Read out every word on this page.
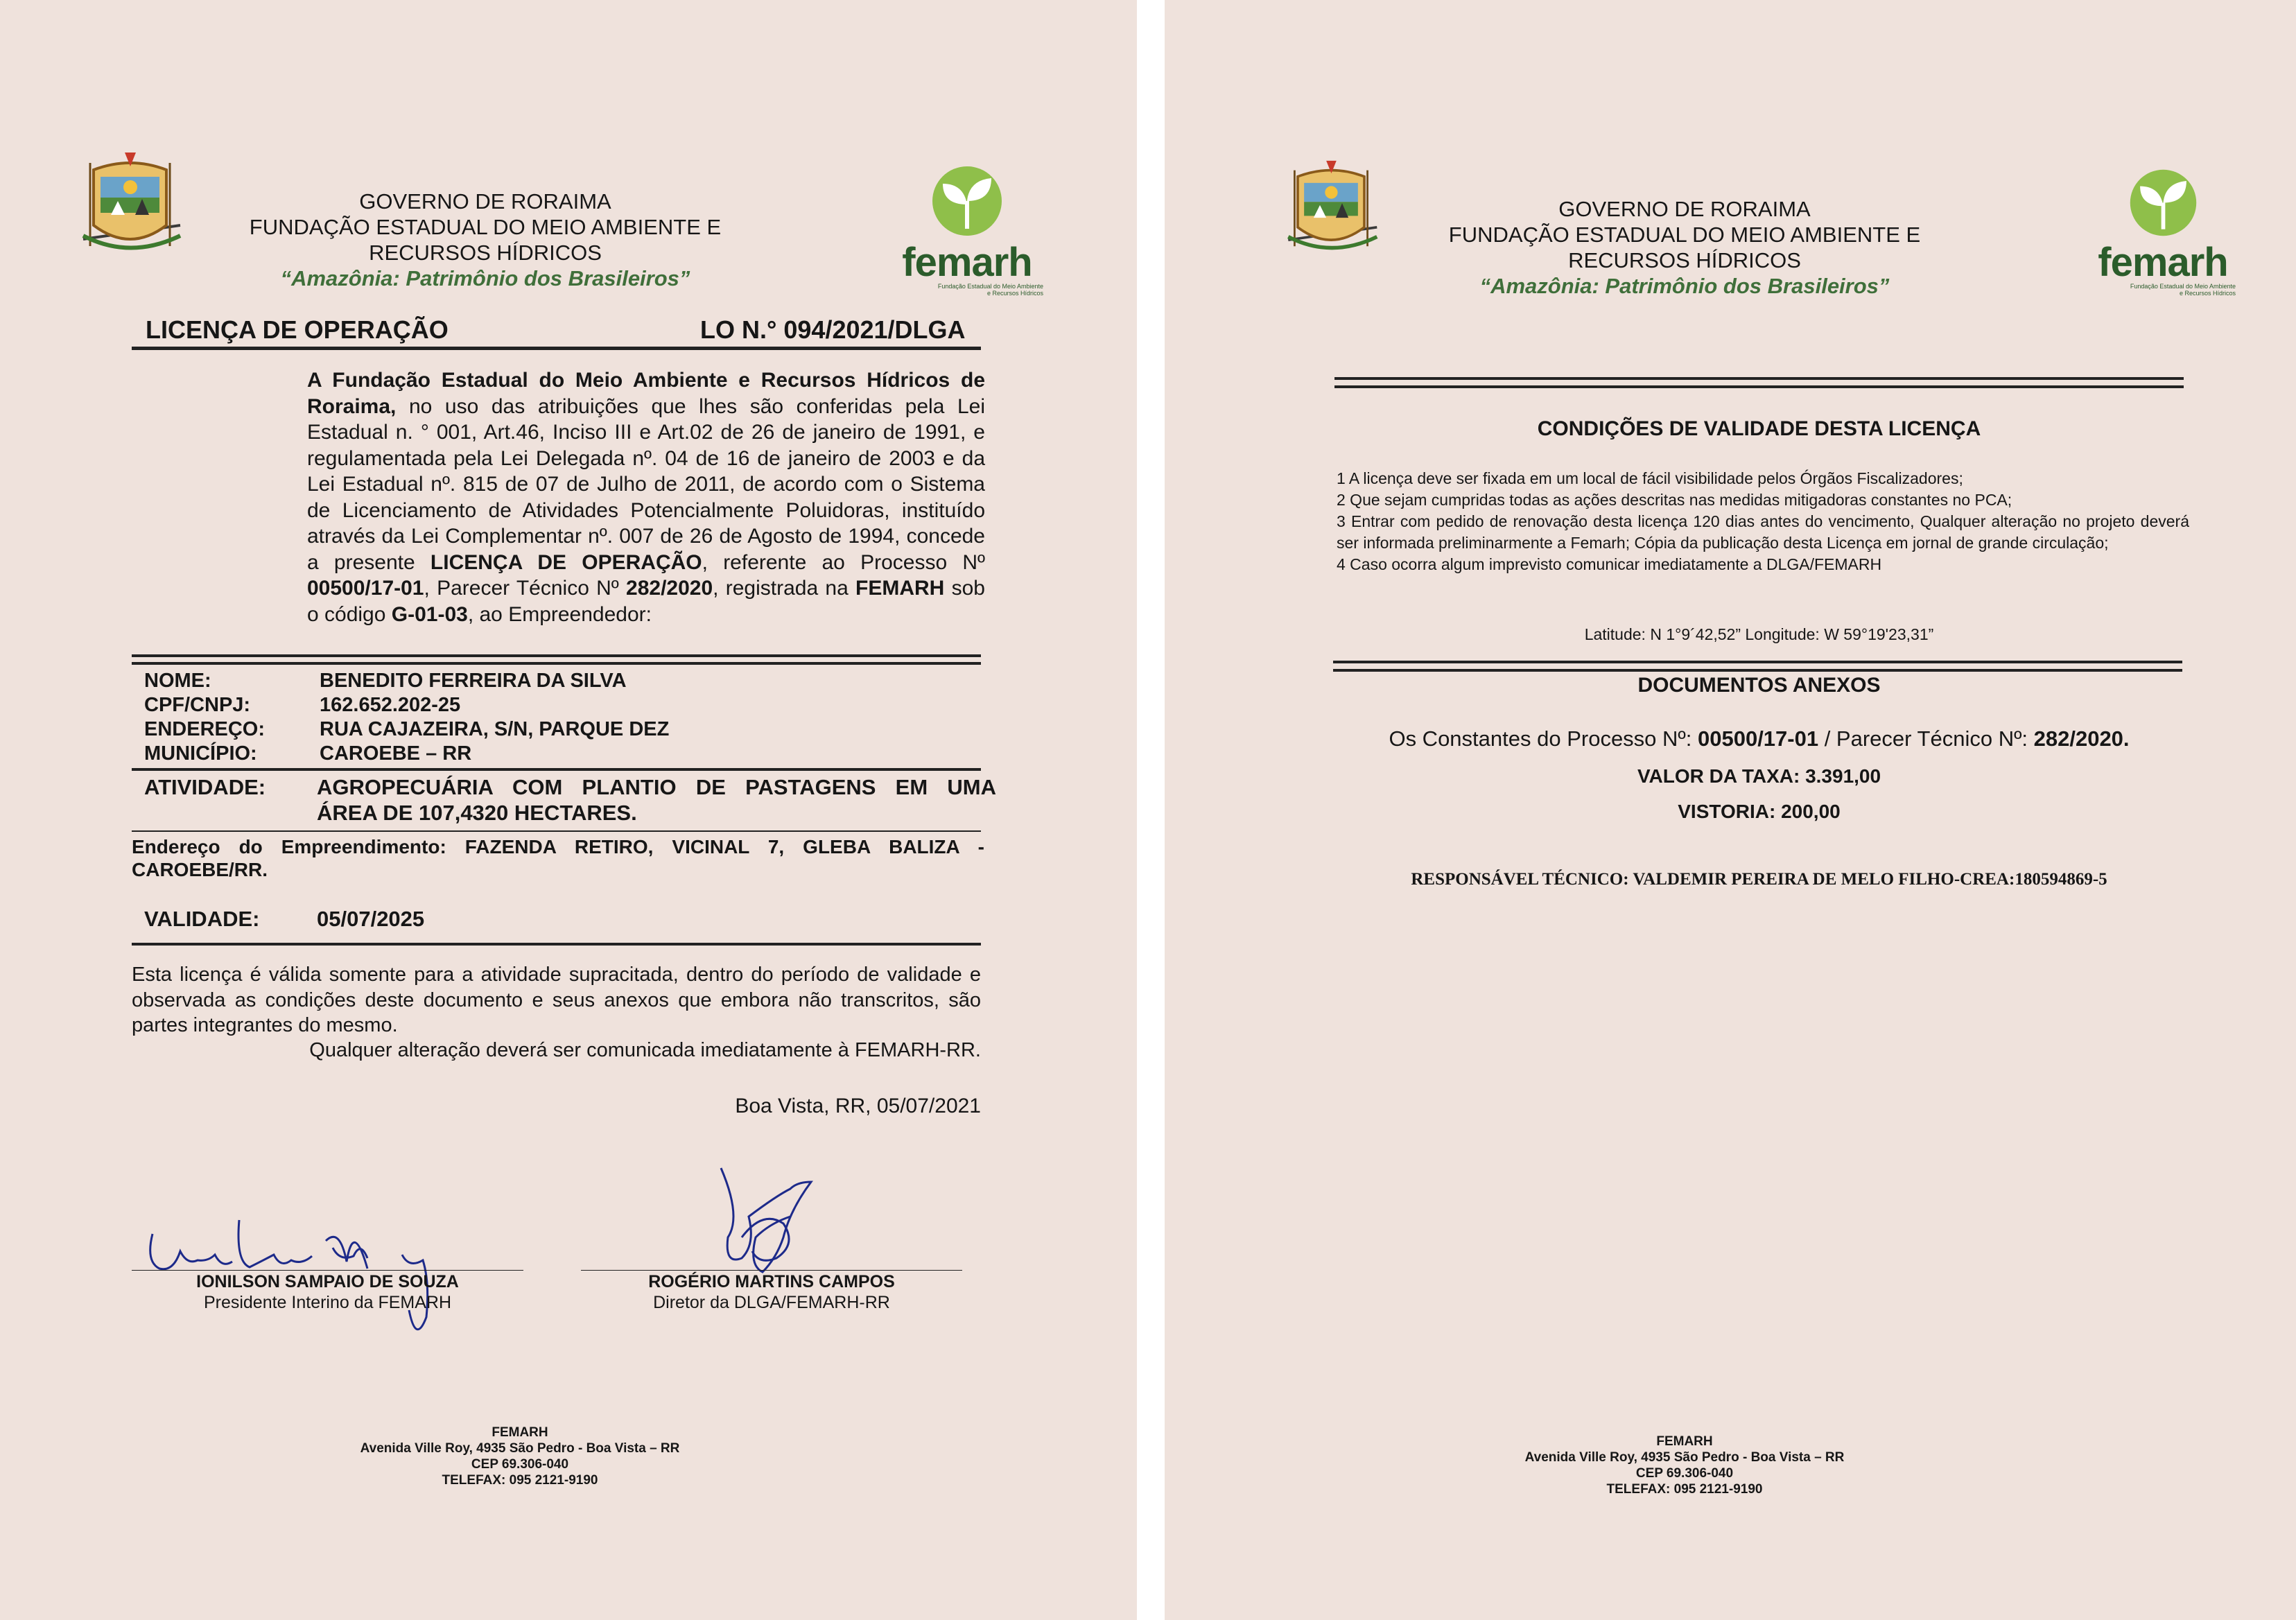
GOVERNO DE RORAIMA
FUNDAÇÃO ESTADUAL DO MEIO AMBIENTE E
RECURSOS HÍDRICOS
“Amazônia: Patrimônio dos Brasileiros”	femarh
Fundação Estadual do Meio Ambiente
e Recursos Hídricos
LICENÇA DE OPERAÇÃO	LO N.° 094/2021/DLGA
A Fundação Estadual do Meio Ambiente e Recursos Hídricos de Roraima, no uso das atribuições que lhes são conferidas pela Lei Estadual n. ° 001, Art.46, Inciso III e Art.02 de 26 de janeiro de 1991, e regulamentada pela Lei Delegada nº. 04 de 16 de janeiro de 2003 e da Lei Estadual nº. 815 de 07 de Julho de 2011, de acordo com o Sistema de Licenciamento de Atividades Potencialmente Poluidoras, instituído através da Lei Complementar nº. 007 de 26 de Agosto de 1994, concede a presente LICENÇA DE OPERAÇÃO, referente ao Processo Nº 00500/17-01, Parecer Técnico Nº 282/2020, registrada na FEMARH sob o código G-01-03, ao Empreendedor:
NOME:	BENEDITO FERREIRA DA SILVA
CPF/CNPJ:	162.652.202-25
ENDEREÇO:	RUA CAJAZEIRA, S/N, PARQUE DEZ
MUNICÍPIO:	CAROEBE – RR
ATIVIDADE: AGROPECUÁRIA COM PLANTIO DE PASTAGENS EM UMA
ÁREA DE 107,4320 HECTARES.
Endereço do Empreendimento: FAZENDA RETIRO, VICINAL 7, GLEBA BALIZA -
CAROEBE/RR.
VALIDADE:	05/07/2025
Esta licença é válida somente para a atividade supracitada, dentro do período de validade e observada as condições deste documento e seus anexos que embora não transcritos, são partes integrantes do mesmo.
Qualquer alteração deverá ser comunicada imediatamente à FEMARH-RR.
Boa Vista, RR, 05/07/2021
IONILSON SAMPAIO DE SOUZA
Presidente Interino da FEMARH
ROGÉRIO MARTINS CAMPOS
Diretor da DLGA/FEMARH-RR
FEMARH
Avenida Ville Roy, 4935 São Pedro - Boa Vista – RR
CEP 69.306-040
TELEFAX: 095 2121-9190
GOVERNO DE RORAIMA
FUNDAÇÃO ESTADUAL DO MEIO AMBIENTE E
RECURSOS HÍDRICOS
“Amazônia: Patrimônio dos Brasileiros”
femarh
Fundação Estadual do Meio Ambiente
e Recursos Hídricos
CONDIÇÕES DE VALIDADE DESTA LICENÇA
1 A licença deve ser fixada em um local de fácil visibilidade pelos Órgãos Fiscalizadores;
2 Que sejam cumpridas todas as ações descritas nas medidas mitigadoras constantes no PCA;
3 Entrar com pedido de renovação desta licença 120 dias antes do vencimento, Qualquer alteração no projeto deverá ser informada preliminarmente a Femarh; Cópia da publicação desta Licença em jornal de grande circulação;
4 Caso ocorra algum imprevisto comunicar imediatamente a DLGA/FEMARH
Latitude: N 1°9´42,52” Longitude: W 59°19'23,31”
DOCUMENTOS ANEXOS
Os Constantes do Processo Nº: 00500/17-01 / Parecer Técnico Nº: 282/2020.
VALOR DA TAXA: 3.391,00
VISTORIA: 200,00
RESPONSÁVEL TÉCNICO: VALDEMIR PEREIRA DE MELO FILHO-CREA:180594869-5
FEMARH
Avenida Ville Roy, 4935 São Pedro - Boa Vista – RR
CEP 69.306-040
TELEFAX: 095 2121-9190
